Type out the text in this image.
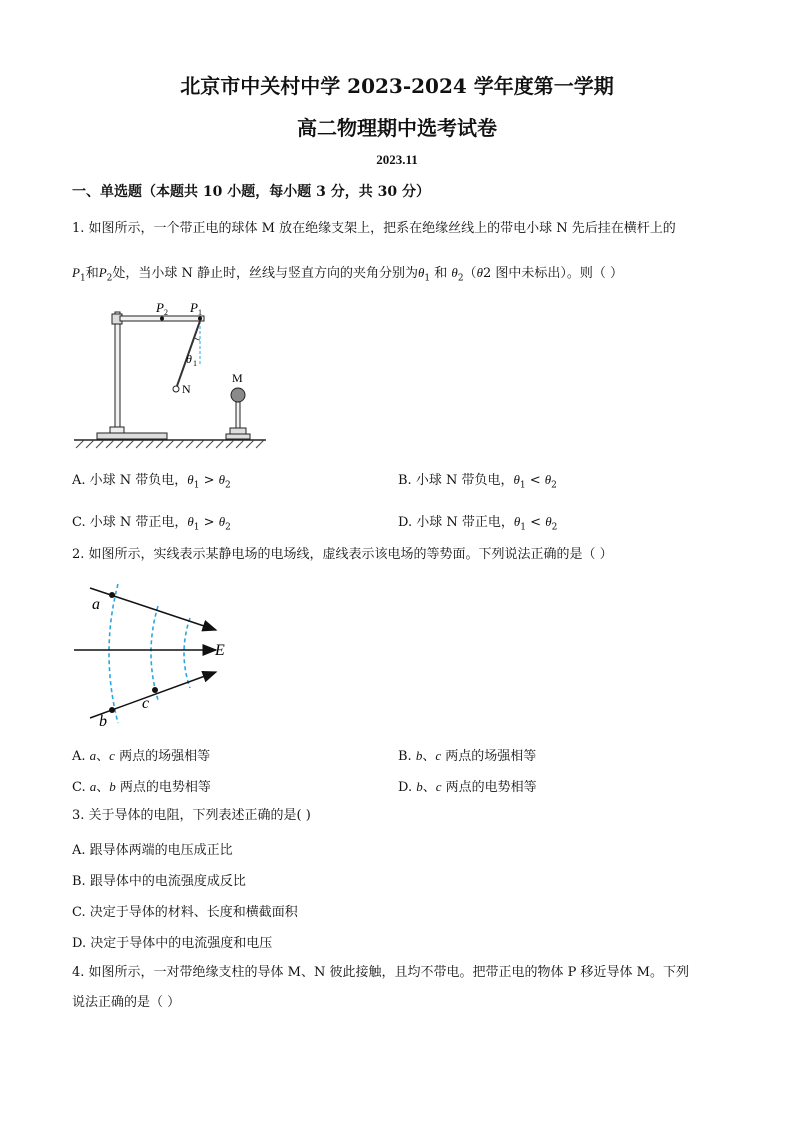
北京市中关村中学 2023-2024 学年度第一学期
高二物理期中选考试卷
2023.11
一、单选题（本题共 10 小题，每小题 3 分，共 30 分）
1. 如图所示，一个带正电的球体 M 放在绝缘支架上，把系在绝缘丝线上的带电小球 N 先后挂在横杆上的
$P_1$和$P_2$处，当小球 N 静止时，丝线与竖直方向的夹角分别为$\theta_1$ 和 $\theta_2(\theta 2$ 图中未标出）。则（ ）
P 2 P 1
θ 1
N
M
A. 小球 N 带负电，$\theta_1 > \theta_2$	B. 小球 N 带负电，$\theta_1 < \theta_2$
C. 小球 N 带正电，$\theta_1 > \theta_2$	D. 小球 N 带正电，$\theta_1 < \theta_2$
2. 如图所示，实线表示某静电场的电场线，虚线表示该电场的等势面。下列说法正确的是（ ）
a
b
c
E
A. a、c 两点的场强相等	B. b、c 两点的场强相等
C. a、b 两点的电势相等	D. b、c 两点的电势相等
3. 关于导体的电阻，下列表述正确的是( )
A. 跟导体两端的电压成正比
B. 跟导体中的电流强度成反比
C. 决定于导体的材料、长度和横截面积
D. 决定于导体中的电流强度和电压
4. 如图所示，一对带绝缘支柱的导体 M、N 彼此接触，且均不带电。把带正电的物体 P 移近导体 M。下列
说法正确的是（ ）
